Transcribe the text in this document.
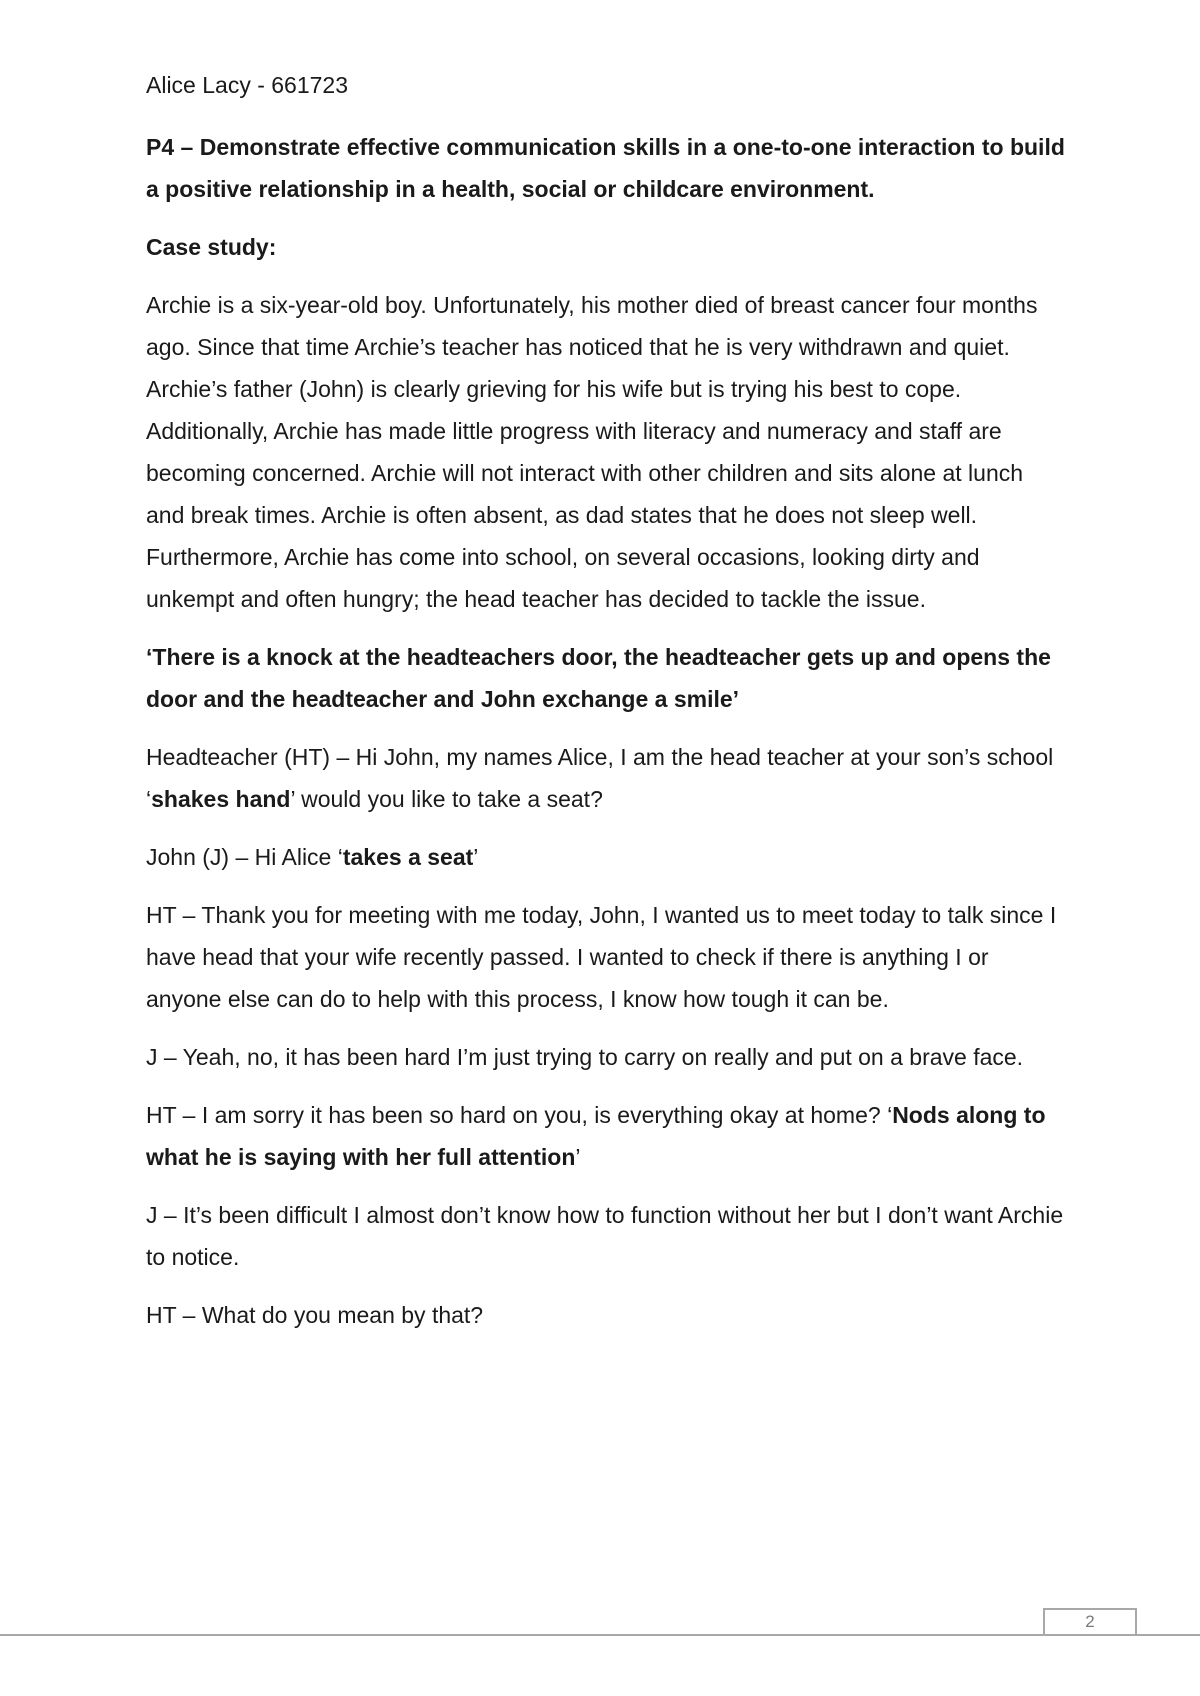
Alice Lacy - 661723

P4 – Demonstrate effective communication skills in a one-to-one interaction to build a positive relationship in a health, social or childcare environment.

Case study:

Archie is a six-year-old boy. Unfortunately, his mother died of breast cancer four months ago. Since that time Archie’s teacher has noticed that he is very withdrawn and quiet. Archie’s father (John) is clearly grieving for his wife but is trying his best to cope. Additionally, Archie has made little progress with literacy and numeracy and staff are becoming concerned. Archie will not interact with other children and sits alone at lunch and break times. Archie is often absent, as dad states that he does not sleep well. Furthermore, Archie has come into school, on several occasions, looking dirty and unkempt and often hungry; the head teacher has decided to tackle the issue.

‘There is a knock at the headteachers door, the headteacher gets up and opens the door and the headteacher and John exchange a smile’

Headteacher (HT) – Hi John, my names Alice, I am the head teacher at your son’s school ‘shakes hand’ would you like to take a seat?

John (J) – Hi Alice ‘takes a seat’

HT – Thank you for meeting with me today, John, I wanted us to meet today to talk since I have head that your wife recently passed. I wanted to check if there is anything I or anyone else can do to help with this process, I know how tough it can be.

J – Yeah, no, it has been hard I’m just trying to carry on really and put on a brave face.

HT – I am sorry it has been so hard on you, is everything okay at home? ‘Nods along to what he is saying with her full attention’

J – It’s been difficult I almost don’t know how to function without her but I don’t want Archie to notice.

HT – What do you mean by that?

2
